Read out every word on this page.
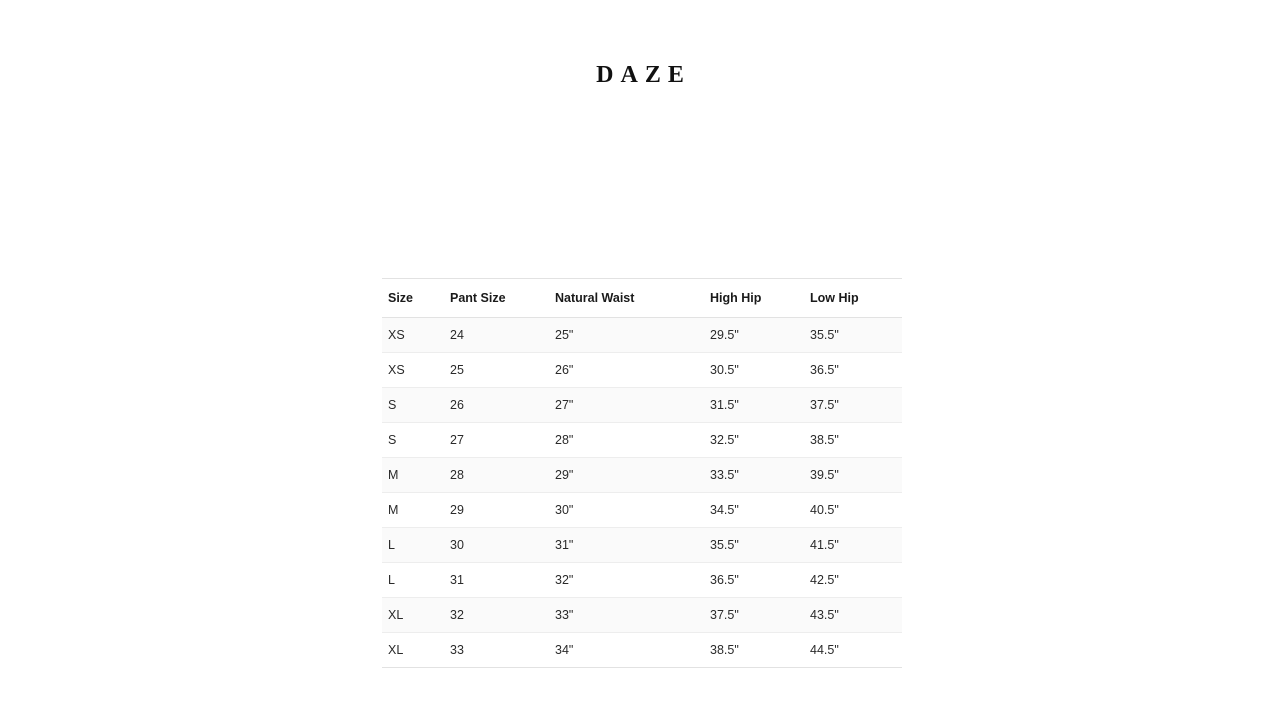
DAZE
Size	Pant Size	Natural Waist	High Hip	Low Hip
XS	24	25"	29.5"	35.5"
XS	25	26"	30.5"	36.5"
S	26	27"	31.5"	37.5"
S	27	28"	32.5"	38.5"
M	28	29"	33.5"	39.5"
M	29	30"	34.5"	40.5"
L	30	31"	35.5"	41.5"
L	31	32"	36.5"	42.5"
XL	32	33"	37.5"	43.5"
XL	33	34"	38.5"	44.5"
